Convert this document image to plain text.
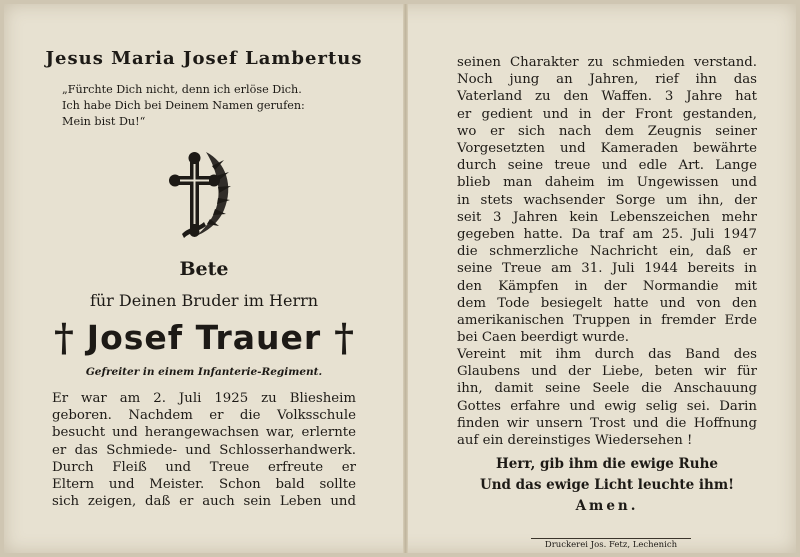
Jesus Maria Josef Lambertus
„Fürchte Dich nicht, denn ich erlöse Dich.
Ich habe Dich bei Deinem Namen gerufen:
Mein bist Du!“
Bete
für Deinen Bruder im Herrn
† Josef Trauer †
Gefreiter in einem Infanterie-Regiment.
Er war am 2. Juli 1925 zu Bliesheim
geboren. Nachdem er die Volksschule
besucht und herangewachsen war, erlernte
er das Schmiede- und Schlosserhandwerk.
Durch Fleiß und Treue erfreute er
Eltern und Meister. Schon bald sollte
sich zeigen, daß er auch sein Leben und
seinen Charakter zu schmieden verstand.
Noch jung an Jahren, rief ihn das
Vaterland zu den Waffen. 3 Jahre hat
er gedient und in der Front gestanden,
wo er sich nach dem Zeugnis seiner
Vorgesetzten und Kameraden bewährte
durch seine treue und edle Art. Lange
blieb man daheim im Ungewissen und
in stets wachsender Sorge um ihn, der
seit 3 Jahren kein Lebenszeichen mehr
gegeben hatte. Da traf am 25. Juli 1947
die schmerzliche Nachricht ein, daß er
seine Treue am 31. Juli 1944 bereits in
den Kämpfen in der Normandie mit
dem Tode besiegelt hatte und von den
amerikanischen Truppen in fremder Erde
bei Caen beerdigt wurde.
Vereint mit ihm durch das Band des
Glaubens und der Liebe, beten wir für
ihn, damit seine Seele die Anschauung
Gottes erfahre und ewig selig sei. Darin
finden wir unsern Trost und die Hoffnung
auf ein dereinstiges Wiedersehen !
Herr, gib ihm die ewige Ruhe
Und das ewige Licht leuchte ihm!
Amen.
Druckerei Jos. Fetz, Lechenich
